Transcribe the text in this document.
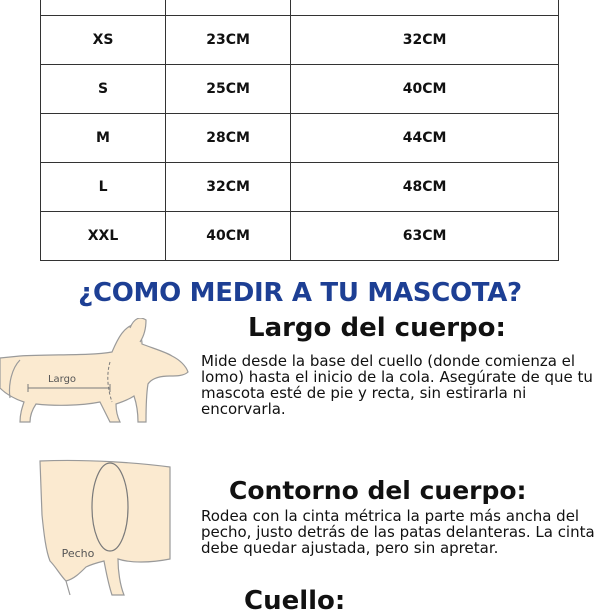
XS	23CM	32CM
S	25CM	40CM
M	28CM	44CM
L	32CM	48CM
XXL	40CM	63CM
¿COMO MEDIR A TU MASCOTA?
Largo
Pecho
Largo del cuerpo:

Mide desde la base del cuello (donde comienza el lomo) hasta el inicio de la cola. Asegúrate de que tu mascota esté de pie y recta, sin estirarla ni encorvarla.

Contorno del cuerpo:

Rodea con la cinta métrica la parte más ancha del pecho, justo detrás de las patas delanteras. La cinta debe quedar ajustada, pero sin apretar.

Cuello:
